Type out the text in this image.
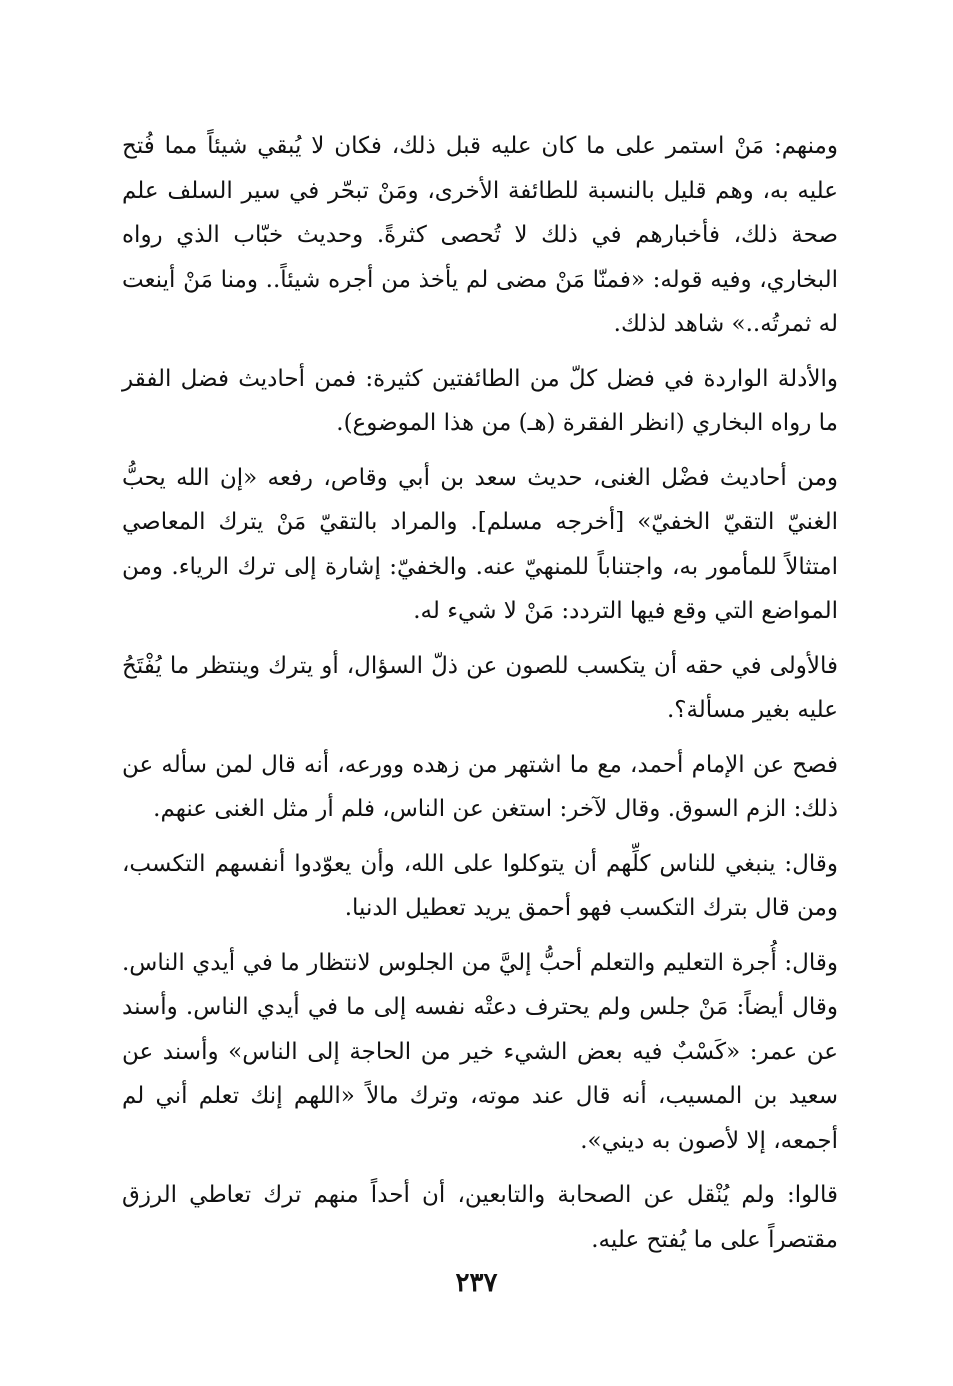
ومنهم: مَنْ استمر على ما كان عليه قبل ذلك، فكان لا يُبقي شيئاً مما فُتح عليه به، وهم قليل بالنسبة للطائفة الأخرى، ومَنْ تبحّر في سير السلف علم صحة ذلك، فأخبارهم في ذلك لا تُحصى كثرةً. وحديث خبّاب الذي رواه البخاري، وفيه قوله: «فمنّا مَنْ مضى لم يأخذ من أجره شيئاً.. ومنا مَنْ أينعت له ثمرتُه..» شاهد لذلك.

والأدلة الواردة في فضل كلّ من الطائفتين كثيرة: فمن أحاديث فضل الفقر ما رواه البخاري (انظر الفقرة (هـ) من هذا الموضوع).

ومن أحاديث فضْل الغنى، حديث سعد بن أبي وقاص، رفعه «إن الله يحبُّ الغنيّ التقيّ الخفيّ» [أخرجه مسلم]. والمراد بالتقيّ مَنْ يترك المعاصي امتثالاً للمأمور به، واجتناباً للمنهيّ عنه. والخفيّ: إشارة إلى ترك الرياء. ومن المواضع التي وقع فيها التردد: مَنْ لا شيء له.

فالأولى في حقه أن يتكسب للصون عن ذلّ السؤال، أو يترك وينتظر ما يُفْتَحُ عليه بغير مسألة؟.

فصح عن الإمام أحمد، مع ما اشتهر من زهده وورعه، أنه قال لمن سأله عن ذلك: الزم السوق. وقال لآخر: استغن عن الناس، فلم أر مثل الغنى عنهم.

وقال: ينبغي للناس كلِّهم أن يتوكلوا على الله، وأن يعوّدوا أنفسهم التكسب، ومن قال بترك التكسب فهو أحمق يريد تعطيل الدنيا.

وقال: أُجرة التعليم والتعلم أحبُّ إليَّ من الجلوس لانتظار ما في أيدي الناس. وقال أيضاً: مَنْ جلس ولم يحترف دعتْه نفسه إلى ما في أيدي الناس. وأسند عن عمر: «كَسْبٌ فيه بعض الشيء خير من الحاجة إلى الناس» وأسند عن سعيد بن المسيب، أنه قال عند موته، وترك مالاً «اللهم إنك تعلم أني لم أجمعه، إلا لأصون به ديني».

قالوا: ولم يُنْقل عن الصحابة والتابعين، أن أحداً منهم ترك تعاطي الرزق مقتصراً على ما يُفتح عليه.

٢٣٧
